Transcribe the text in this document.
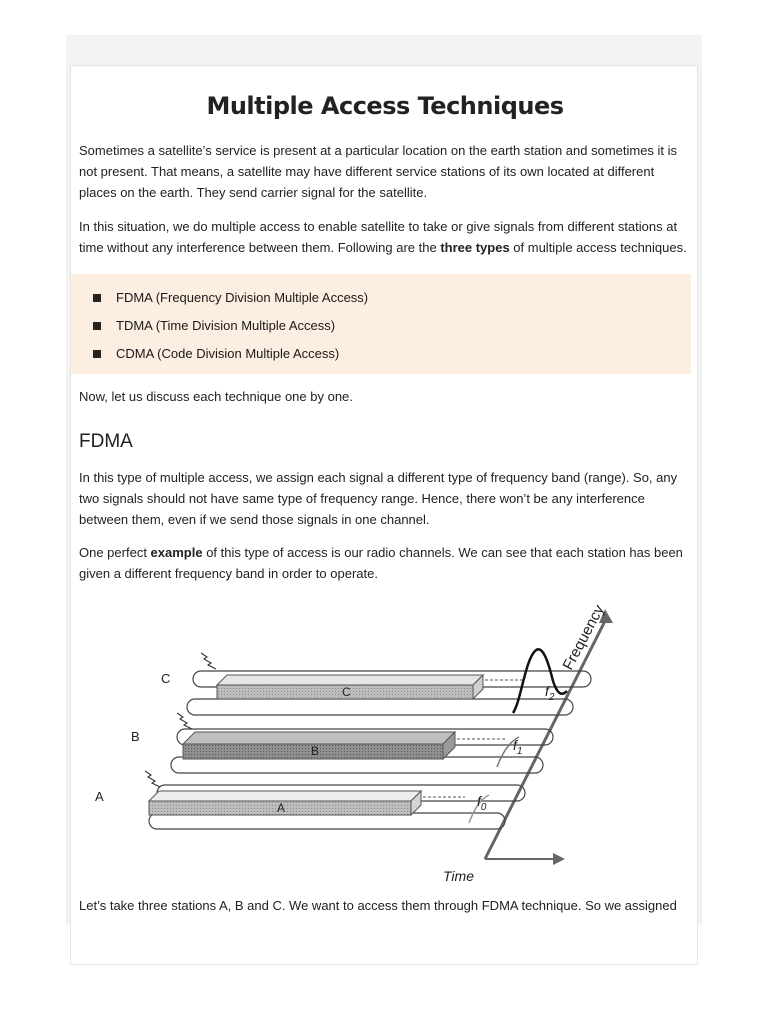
Multiple Access Techniques

Sometimes a satellite’s service is present at a particular location on the earth station and sometimes it is not present. That means, a satellite may have different service stations of its own located at different places on the earth. They send carrier signal for the satellite.

In this situation, we do multiple access to enable satellite to take or give signals from different stations at time without any interference between them. Following are the three types of multiple access techniques.

FDMA (Frequency Division Multiple Access)
TDMA (Time Division Multiple Access)
CDMA (Code Division Multiple Access)

Now, let us discuss each technique one by one.

FDMA

In this type of multiple access, we assign each signal a different type of frequency band (range). So, any two signals should not have same type of frequency range. Hence, there won’t be any interference between them, even if we send those signals in one channel.

One perfect example of this type of access is our radio channels. We can see that each station has been given a different frequency band in order to operate.

C
B
A
C
B
A
$f_2$
$f_1$
$f_0$
Frequency
Time

Let’s take three stations A, B and C. We want to access them through FDMA technique. So we assigned
